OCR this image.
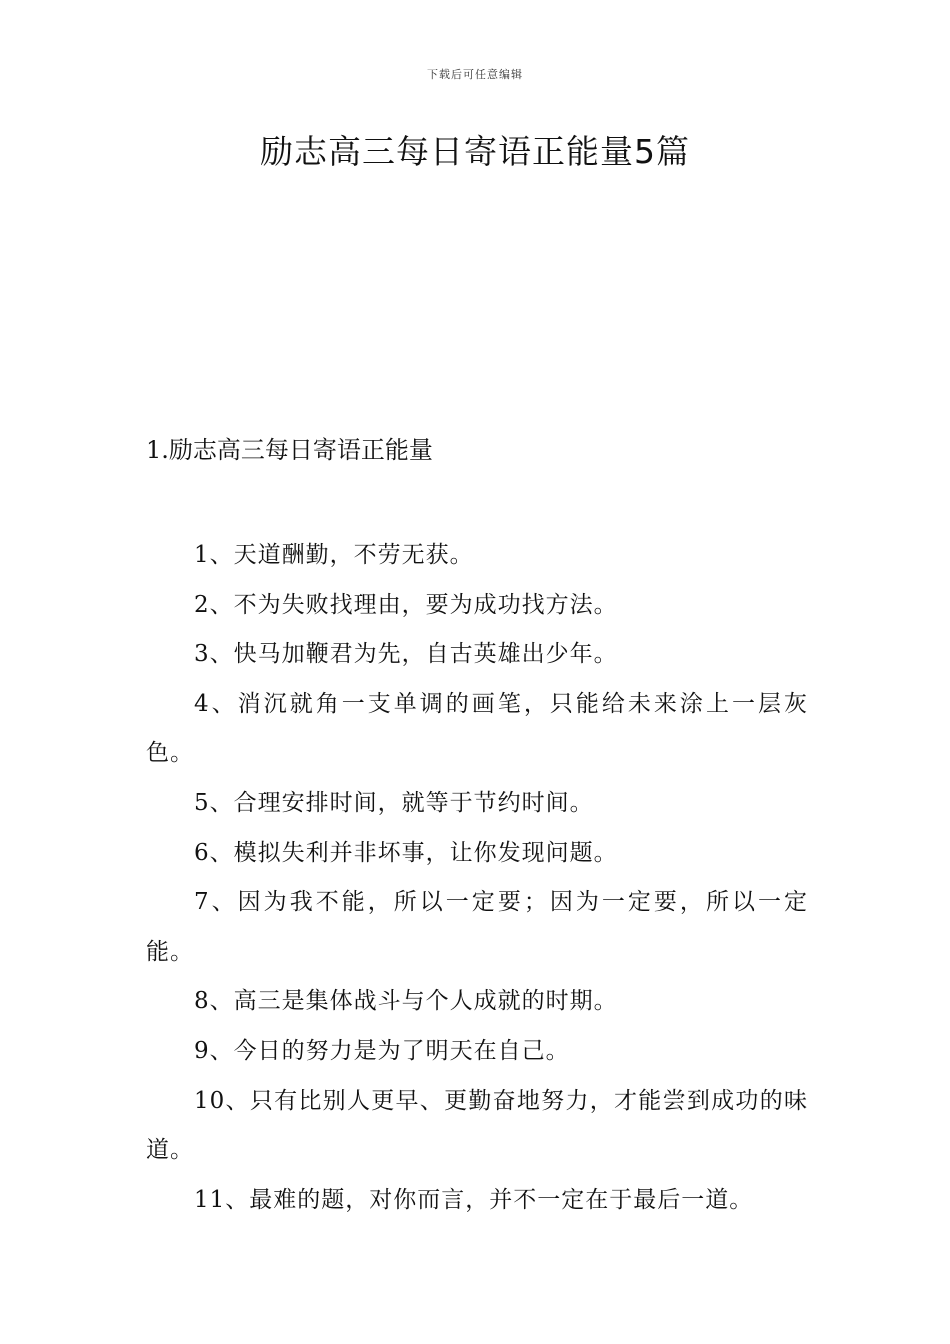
下载后可任意编辑
励志高三每日寄语正能量5篇
1.励志高三每日寄语正能量
1、天道酬勤，不劳无获。
2、不为失败找理由，要为成功找方法。
3、快马加鞭君为先，自古英雄出少年。
4、消沉就角一支单调的画笔，只能给未来涂上一层灰色。
5、合理安排时间，就等于节约时间。
6、模拟失利并非坏事，让你发现问题。
7、因为我不能，所以一定要；因为一定要，所以一定能。
8、高三是集体战斗与个人成就的时期。
9、今日的努力是为了明天在自己。
10、只有比别人更早、更勤奋地努力，才能尝到成功的味道。
11、最难的题，对你而言，并不一定在于最后一道。
